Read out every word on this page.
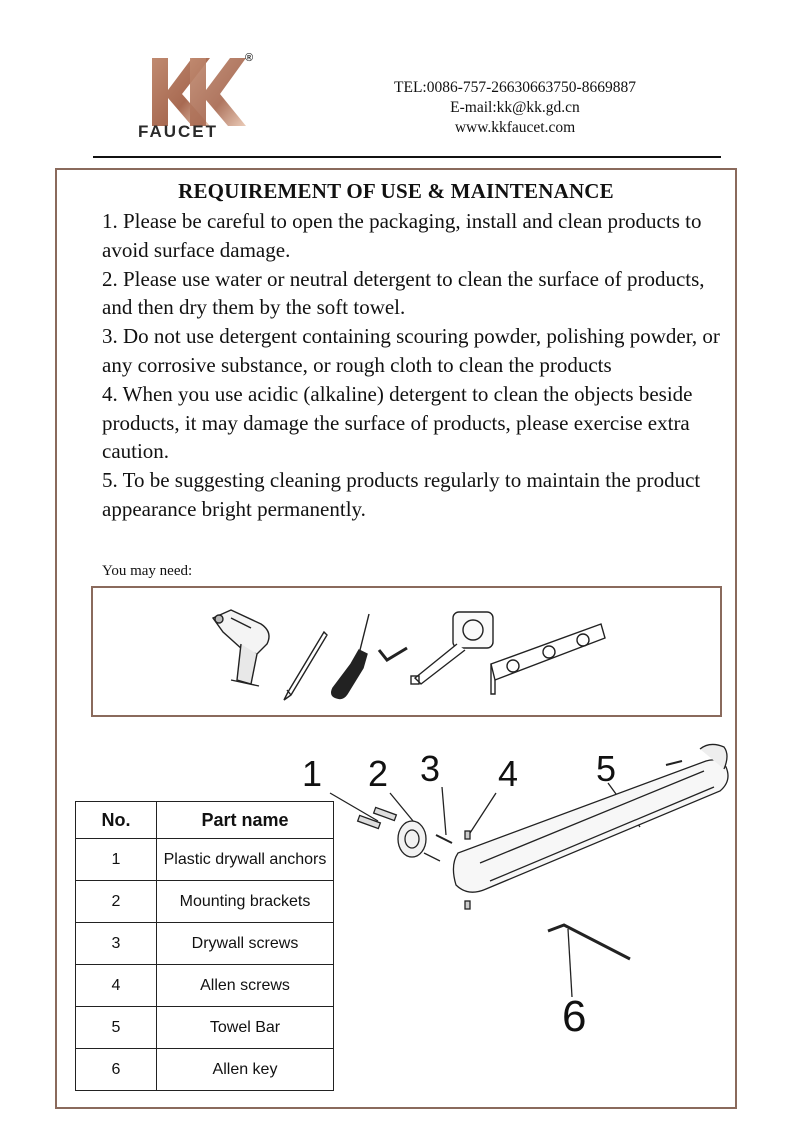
®
FAUCET
TEL:0086-757-26630663750-8669887
E-mail:kk@kk.gd.cn
www.kkfaucet.com
REQUIREMENT OF USE & MAINTENANCE

1. Please be careful to open the packaging, install and clean products to avoid surface damage.

2. Please use water or neutral detergent to clean the surface of products, and then dry them by the soft towel.

3. Do not use detergent containing scouring powder, polishing powder, or any corrosive substance, or rough cloth to clean the products

4. When you use acidic (alkaline) detergent to clean the objects beside products, it may damage the surface of products, please exercise extra caution.

5. To be suggesting cleaning products regularly to maintain the product appearance bright permanently.

You may need:
No.	Part name
1	Plastic drywall anchors
2	Mounting brackets
3	Drywall screws
4	Allen screws
5	Towel Bar
6	Allen key
1 2 3 4 5
6
